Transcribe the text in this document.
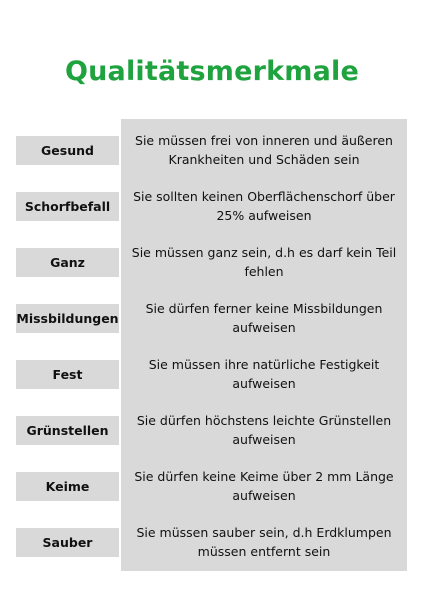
Qualitätsmerkmale
Gesund
Sie müssen frei von inneren und äußeren Krankheiten und Schäden sein
Schorfbefall
Sie sollten keinen Oberflächenschorf über 25% aufweisen
Ganz
Sie müssen ganz sein, d.h es darf kein Teil fehlen
Missbildungen
Sie dürfen ferner keine Missbildungen aufweisen
Fest
Sie müssen ihre natürliche Festigkeit aufweisen
Grünstellen
Sie dürfen höchstens leichte Grünstellen aufweisen
Keime
Sie dürfen keine Keime über 2 mm Länge aufweisen
Sauber
Sie müssen sauber sein, d.h Erdklumpen müssen entfernt sein
